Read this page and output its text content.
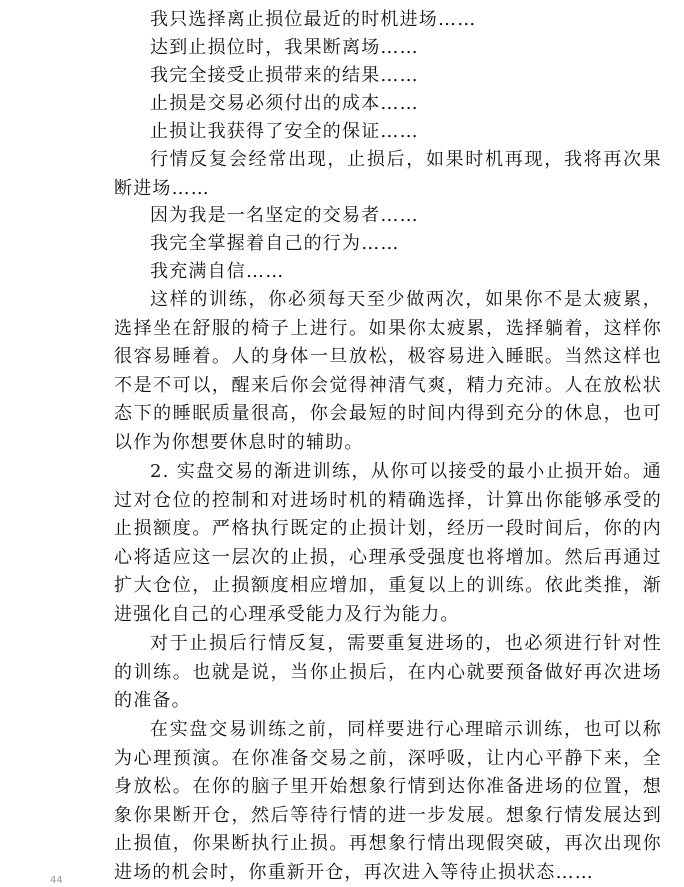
我只选择离止损位最近的时机进场……

达到止损位时，我果断离场……

我完全接受止损带来的结果……

止损是交易必须付出的成本……

止损让我获得了安全的保证……

行情反复会经常出现，止损后，如果时机再现，我将再次果断进场……

因为我是一名坚定的交易者……

我完全掌握着自己的行为……

我充满自信……

这样的训练，你必须每天至少做两次，如果你不是太疲累，选择坐在舒服的椅子上进行。如果你太疲累，选择躺着，这样你很容易睡着。人的身体一旦放松，极容易进入睡眠。当然这样也不是不可以，醒来后你会觉得神清气爽，精力充沛。人在放松状态下的睡眠质量很高，你会最短的时间内得到充分的休息，也可以作为你想要休息时的辅助。

2. 实盘交易的渐进训练，从你可以接受的最小止损开始。通过对仓位的控制和对进场时机的精确选择，计算出你能够承受的止损额度。严格执行既定的止损计划，经历一段时间后，你的内心将适应这一层次的止损，心理承受强度也将增加。然后再通过扩大仓位，止损额度相应增加，重复以上的训练。依此类推，渐进强化自己的心理承受能力及行为能力。

对于止损后行情反复，需要重复进场的，也必须进行针对性的训练。也就是说，当你止损后，在内心就要预备做好再次进场的准备。

在实盘交易训练之前，同样要进行心理暗示训练，也可以称为心理预演。在你准备交易之前，深呼吸，让内心平静下来，全身放松。在你的脑子里开始想象行情到达你准备进场的位置，想象你果断开仓，然后等待行情的进一步发展。想象行情发展达到止损值，你果断执行止损。再想象行情出现假突破，再次出现你进场的机会时，你重新开仓，再次进入等待止损状态……

44
